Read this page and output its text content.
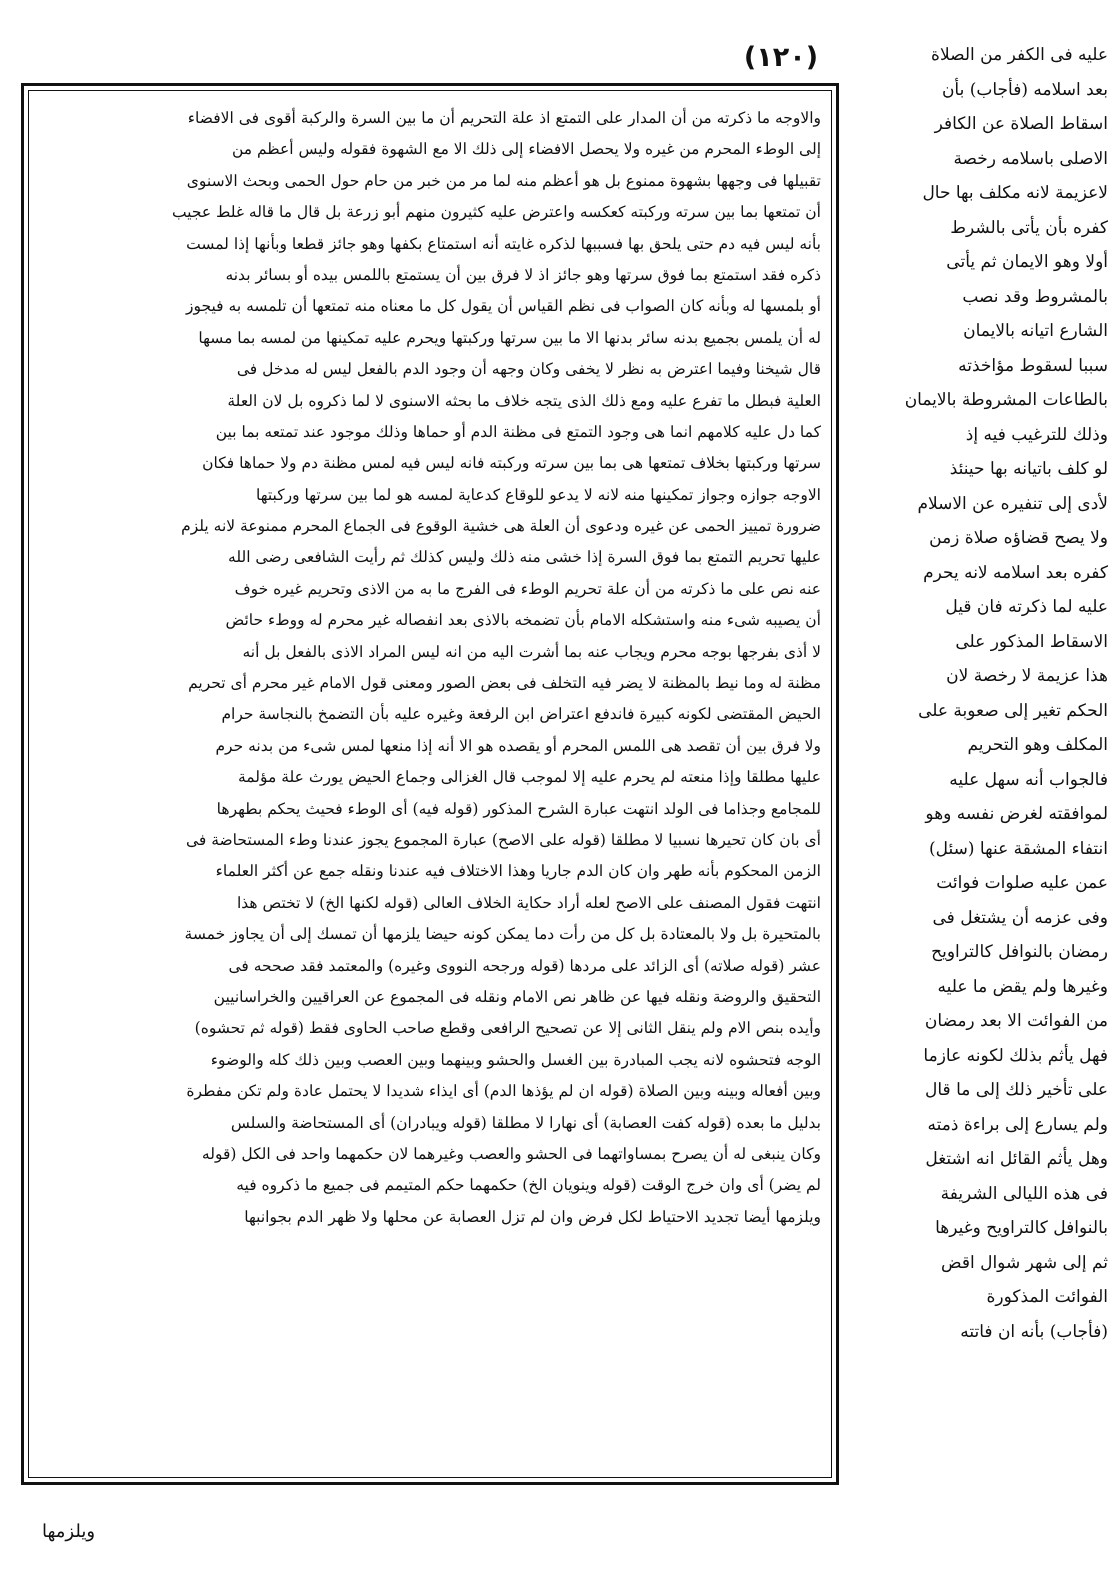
(١٢٠)	عليه فى الكفر من الصلاة
بعد اسلامه (فأجاب) بأن
اسقاط الصلاة عن الكافر
الاصلى باسلامه رخصة
لاعزيمة لانه مكلف بها حال
كفره بأن يأتى بالشرط
أولا وهو الايمان ثم يأتى
بالمشروط وقد نصب
الشارع اتيانه بالايمان
سببا لسقوط مؤاخذته
بالطاعات المشروطة بالايمان
وذلك للترغيب فيه إذ
لو كلف باتيانه بها حينئذ
لأدى إلى تنفيره عن الاسلام
ولا يصح قضاؤه صلاة زمن
كفره بعد اسلامه لانه يحرم
عليه لما ذكرته فان قيل
الاسقاط المذكور على
هذا عزيمة لا رخصة لان
الحكم تغير إلى صعوبة على
المكلف وهو التحريم
فالجواب أنه سهل عليه
لموافقته لغرض نفسه وهو
انتفاء المشقة عنها (سئل)
عمن عليه صلوات فوائت
وفى عزمه أن يشتغل فى
رمضان بالنوافل كالتراويح
وغيرها ولم يقض ما عليه
من الفوائت الا بعد رمضان
فهل يأثم بذلك لكونه عازما
على تأخير ذلك إلى ما قال
ولم يسارع إلى براءة ذمته
وهل يأثم القائل انه اشتغل
فى هذه الليالى الشريفة
بالنوافل كالتراويح وغيرها
ثم إلى شهر شوال اقض
الفوائت المذكورة
(فأجاب) بأنه ان فاتته
والاوجه ما ذكرته من أن المدار على التمتع اذ علة التحريم أن ما بين السرة والركبة أقوى فى الافضاء
إلى الوطء المحرم من غيره ولا يحصل الافضاء إلى ذلك الا مع الشهوة فقوله وليس أعظم من
تقبيلها فى وجهها بشهوة ممنوع بل هو أعظم منه لما مر من خبر من حام حول الحمى وبحث الاسنوى
أن تمتعها بما بين سرته وركبته كعكسه واعترض عليه كثيرون منهم أبو زرعة بل قال ما قاله غلط عجيب
بأنه ليس فيه دم حتى يلحق بها فسببها لذكره غايته أنه استمتاع بكفها وهو جائز قطعا وبأنها إذا لمست
ذكره فقد استمتع بما فوق سرتها وهو جائز اذ لا فرق بين أن يستمتع باللمس بيده أو بسائر بدنه
أو بلمسها له وبأنه كان الصواب فى نظم القياس أن يقول كل ما معناه منه تمتعها أن تلمسه به فيجوز
له أن يلمس بجميع بدنه سائر بدنها الا ما بين سرتها وركبتها ويحرم عليه تمكينها من لمسه بما مسها
قال شيخنا وفيما اعترض به نظر لا يخفى وكان وجهه أن وجود الدم بالفعل ليس له مدخل فى
العلية فبطل ما تفرع عليه ومع ذلك الذى يتجه خلاف ما بحثه الاسنوى لا لما ذكروه بل لان العلة
كما دل عليه كلامهم انما هى وجود التمتع فى مظنة الدم أو حماها وذلك موجود عند تمتعه بما بين
سرتها وركبتها بخلاف تمتعها هى بما بين سرته وركبته فانه ليس فيه لمس مظنة دم ولا حماها فكان
الاوجه جوازه وجواز تمكينها منه لانه لا يدعو للوقاع كدعاية لمسه هو لما بين سرتها وركبتها
ضرورة تمييز الحمى عن غيره ودعوى أن العلة هى خشية الوقوع فى الجماع المحرم ممنوعة لانه يلزم
عليها تحريم التمتع بما فوق السرة إذا خشى منه ذلك وليس كذلك ثم رأيت الشافعى رضى الله
عنه نص على ما ذكرته من أن علة تحريم الوطء فى الفرج ما به من الاذى وتحريم غيره خوف
أن يصيبه شىء منه واستشكله الامام بأن تضمخه بالاذى بعد انفصاله غير محرم له ووطء حائض
لا أذى بفرجها بوجه محرم ويجاب عنه بما أشرت اليه من انه ليس المراد الاذى بالفعل بل أنه
مظنة له وما نيط بالمظنة لا يضر فيه التخلف فى بعض الصور ومعنى قول الامام غير محرم أى تحريم
الحيض المقتضى لكونه كبيرة فاندفع اعتراض ابن الرفعة وغيره عليه بأن التضمخ بالنجاسة حرام
ولا فرق بين أن تقصد هى اللمس المحرم أو يقصده هو الا أنه إذا منعها لمس شىء من بدنه حرم
عليها مطلقا وإذا منعته لم يحرم عليه إلا لموجب قال الغزالى وجماع الحيض يورث علة مؤلمة
للمجامع وجذاما فى الولد انتهت عبارة الشرح المذكور (قوله فيه) أى الوطء فحيث يحكم بطهرها
أى بان كان تحيرها نسبيا لا مطلقا (قوله على الاصح) عبارة المجموع يجوز عندنا وطء المستحاضة فى
الزمن المحكوم بأنه طهر وان كان الدم جاريا وهذا الاختلاف فيه عندنا ونقله جمع عن أكثر العلماء
انتهت فقول المصنف على الاصح لعله أراد حكاية الخلاف العالى (قوله لكنها الخ) لا تختص هذا
بالمتحيرة بل ولا بالمعتادة بل كل من رأت دما يمكن كونه حيضا يلزمها أن تمسك إلى أن يجاوز خمسة
عشر (قوله صلاته) أى الزائد على مردها (قوله ورجحه النووى وغيره) والمعتمد فقد صححه فى
التحقيق والروضة ونقله فيها عن ظاهر نص الامام ونقله فى المجموع عن العراقيين والخراسانيين
وأيده بنص الام ولم ينقل الثانى إلا عن تصحيح الرافعى وقطع صاحب الحاوى فقط (قوله ثم تحشوه)
الوجه فتحشوه لانه يجب المبادرة بين الغسل والحشو وبينهما وبين العصب وبين ذلك كله والوضوء
وبين أفعاله وبينه وبين الصلاة (قوله ان لم يؤذها الدم) أى ايذاء شديدا لا يحتمل عادة ولم تكن مفطرة
بدليل ما بعده (قوله كفت العصابة) أى نهارا لا مطلقا (قوله ويبادران) أى المستحاضة والسلس
وكان ينبغى له أن يصرح بمساواتهما فى الحشو والعصب وغيرهما لان حكمهما واحد فى الكل (قوله
لم يضر) أى وان خرج الوقت (قوله وينويان الخ) حكمهما حكم المتيمم فى جميع ما ذكروه فيه
ويلزمها أيضا تجديد الاحتياط لكل فرض وان لم تزل العصابة عن محلها ولا ظهر الدم بجوانبها
ويلزمها
